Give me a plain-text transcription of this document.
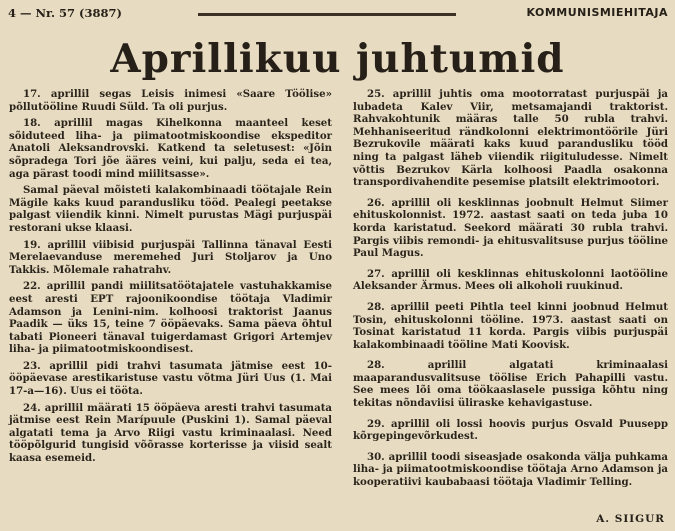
4 — Nr. 57 (3887)	KOMMUNISMIEHITAJA
Aprillikuu juhtumid

17. aprillil segas Leisis inimesi «Saare Töölise» põllutööline Ruudi Süld. Ta oli purjus.

18. aprillil magas Kihelkonna maanteel keset sõiduteed liha- ja piimatootmiskoondise ekspeditor Anatoli Aleksandrovski. Katkend ta seletusest: «Jõin sõpradega Tori jõe ääres veini, kui palju, seda ei tea, aga pärast toodi mind miilitsasse».

Samal päeval mõisteti kalakombinaadi töötajale Rein Mägile kaks kuud parandusliku tööd. Pealegi peetakse palgast viiendik kinni. Nimelt purustas Mägi purjuspäi restorani ukse klaasi.

19. aprillil viibisid purjuspäi Tallinna tänaval Eesti Merelaevanduse meremehed Juri Stoljarov ja Uno Takkis. Mõlemale rahatrahv.

22. aprillil pandi miilitsatöötajatele vastuhakkamise eest aresti EPT rajoonikoondise töötaja Vladimir Adamson ja Lenini-nim. kolhoosi traktorist Jaanus Paadik — üks 15, teine 7 ööpäevaks. Sama päeva õhtul tabati Pioneeri tänaval tuigerdamast Grigori Artemjev liha- ja piimatootmiskoondisest.

23. aprillil pidi trahvi tasumata jätmise eest 10-ööpäevase arestikaristuse vastu võtma Jüri Uus (1. Mai 17-a—16). Uus ei tööta.

24. aprillil määrati 15 ööpäeva aresti trahvi tasumata jätmise eest Rein Marípuule (Puskini 1). Samal päeval algatati tema ja Arvo Riigi vastu kriminaalasi. Need tööpõlgurid tungisid võõrasse korterisse ja viisid sealt kaasa esemeid.

25. aprillil juhtis oma mootorratast purjuspäi ja lubadeta Kalev Viir, metsamajandi traktorist. Rahvakohtunik määras talle 50 rubla trahvi. Mehhaniseeritud rändkolonni elektrimontöörile Jüri Bezrukovile määrati kaks kuud parandusliku tööd ning ta palgast läheb viiendik riigituludesse. Nimelt võttis Bezrukov Kärla kolhoosi Paadla osakonna transpordivahendite pesemise platsilt elektrimootori.

26. aprillil oli kesklinnas joobnult Helmut Siimer ehituskolonnist. 1972. aastast saati on teda juba 10 korda karistatud. Seekord määrati 30 rubla trahvi. Pargis viibis remondi- ja ehitusvalitsuse purjus tööline Paul Magus.

27. aprillil oli kesklinnas ehituskolonni laotööline Aleksander Ärmus. Mees oli alkoholi ruukinud.

28. aprillil peeti Pihtla teel kinni joobnud Helmut Tosin, ehituskolonni tööline. 1973. aastast saati on Tosinat karistatud 11 korda. Pargis viibis purjuspäi kalakombinaadi tööline Mati Koovisk.

28. aprillil algatati kriminaalasi maaparandusvalitsuse töölise Erich Pahapilli vastu. See mees lõi oma töökaaslasele pussiga kõhtu ning tekitas nõndaviisi üliraske kehavigastuse.

29. aprillil oli lossi hoovis purjus Osvald Puusepp kõrgepingevõrkudest.

30. aprillil toodi siseasjade osakonda välja puhkama liha- ja piimatootmiskoondise töötaja Arno Adamson ja kooperatiivi kaubabaasi töötaja Vladimir Telling.

A. SIIGUR
